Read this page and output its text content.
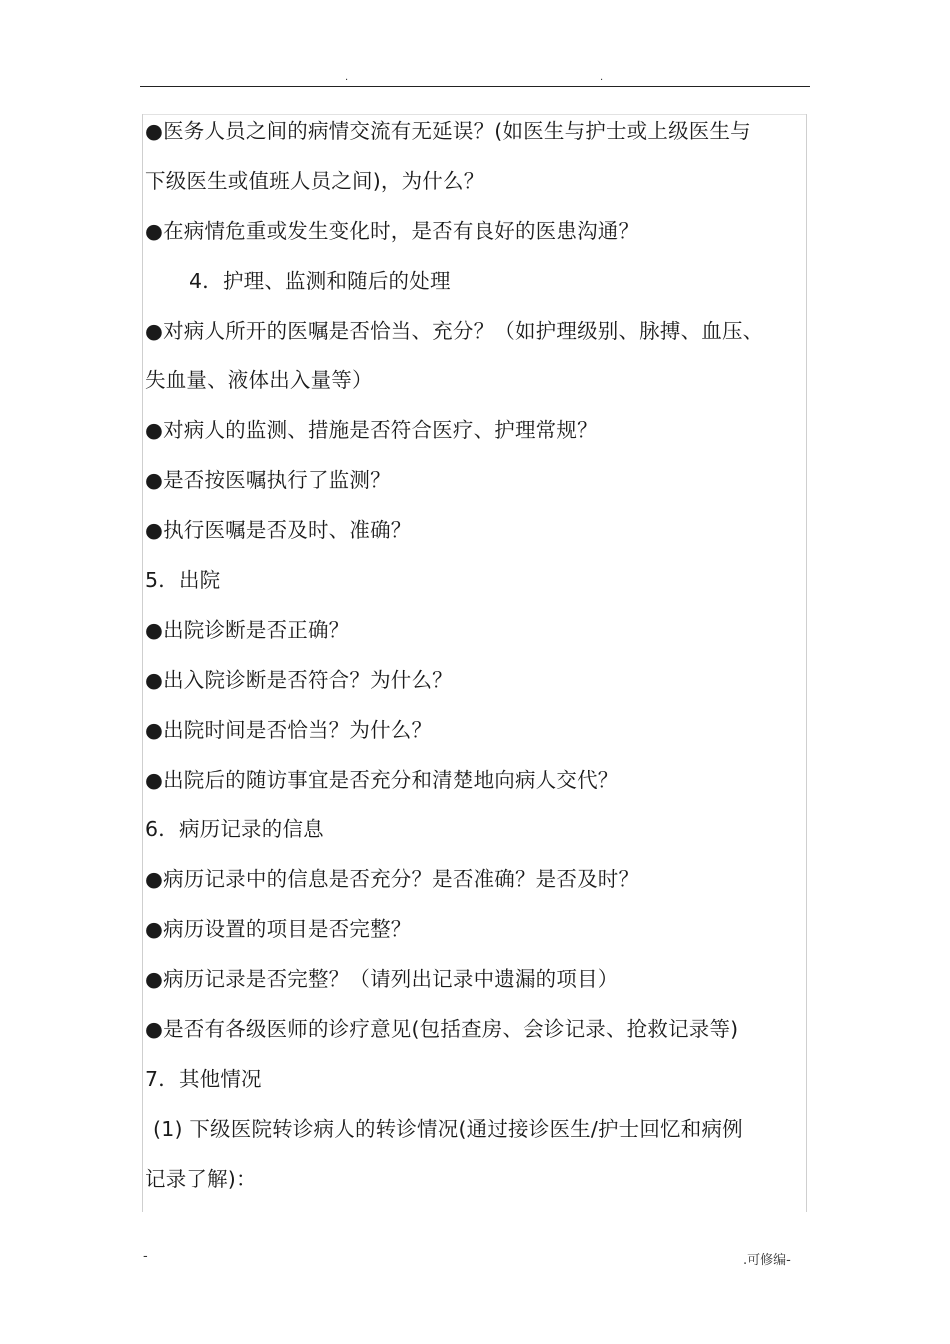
.	.
●医务人员之间的病情交流有无延误？(如医生与护士或上级医生与
下级医生或值班人员之间)，为什么？
●在病情危重或发生变化时，是否有良好的医患沟通？
4．护理、监测和随后的处理
●对病人所开的医嘱是否恰当、充分？（如护理级别、脉搏、血压、
失血量、液体出入量等）
●对病人的监测、措施是否符合医疗、护理常规？
●是否按医嘱执行了监测？
●执行医嘱是否及时、准确？
5．出院
●出院诊断是否正确？
●出入院诊断是否符合？为什么？
●出院时间是否恰当？为什么？
●出院后的随访事宜是否充分和清楚地向病人交代？
6．病历记录的信息
●病历记录中的信息是否充分？是否准确？是否及时？
●病历设置的项目是否完整？
●病历记录是否完整？（请列出记录中遗漏的项目）
●是否有各级医师的诊疗意见(包括查房、会诊记录、抢救记录等)
7．其他情况
(1) 下级医院转诊病人的转诊情况(通过接诊医生/护士回忆和病例
记录了解)：
-	.可修编-
